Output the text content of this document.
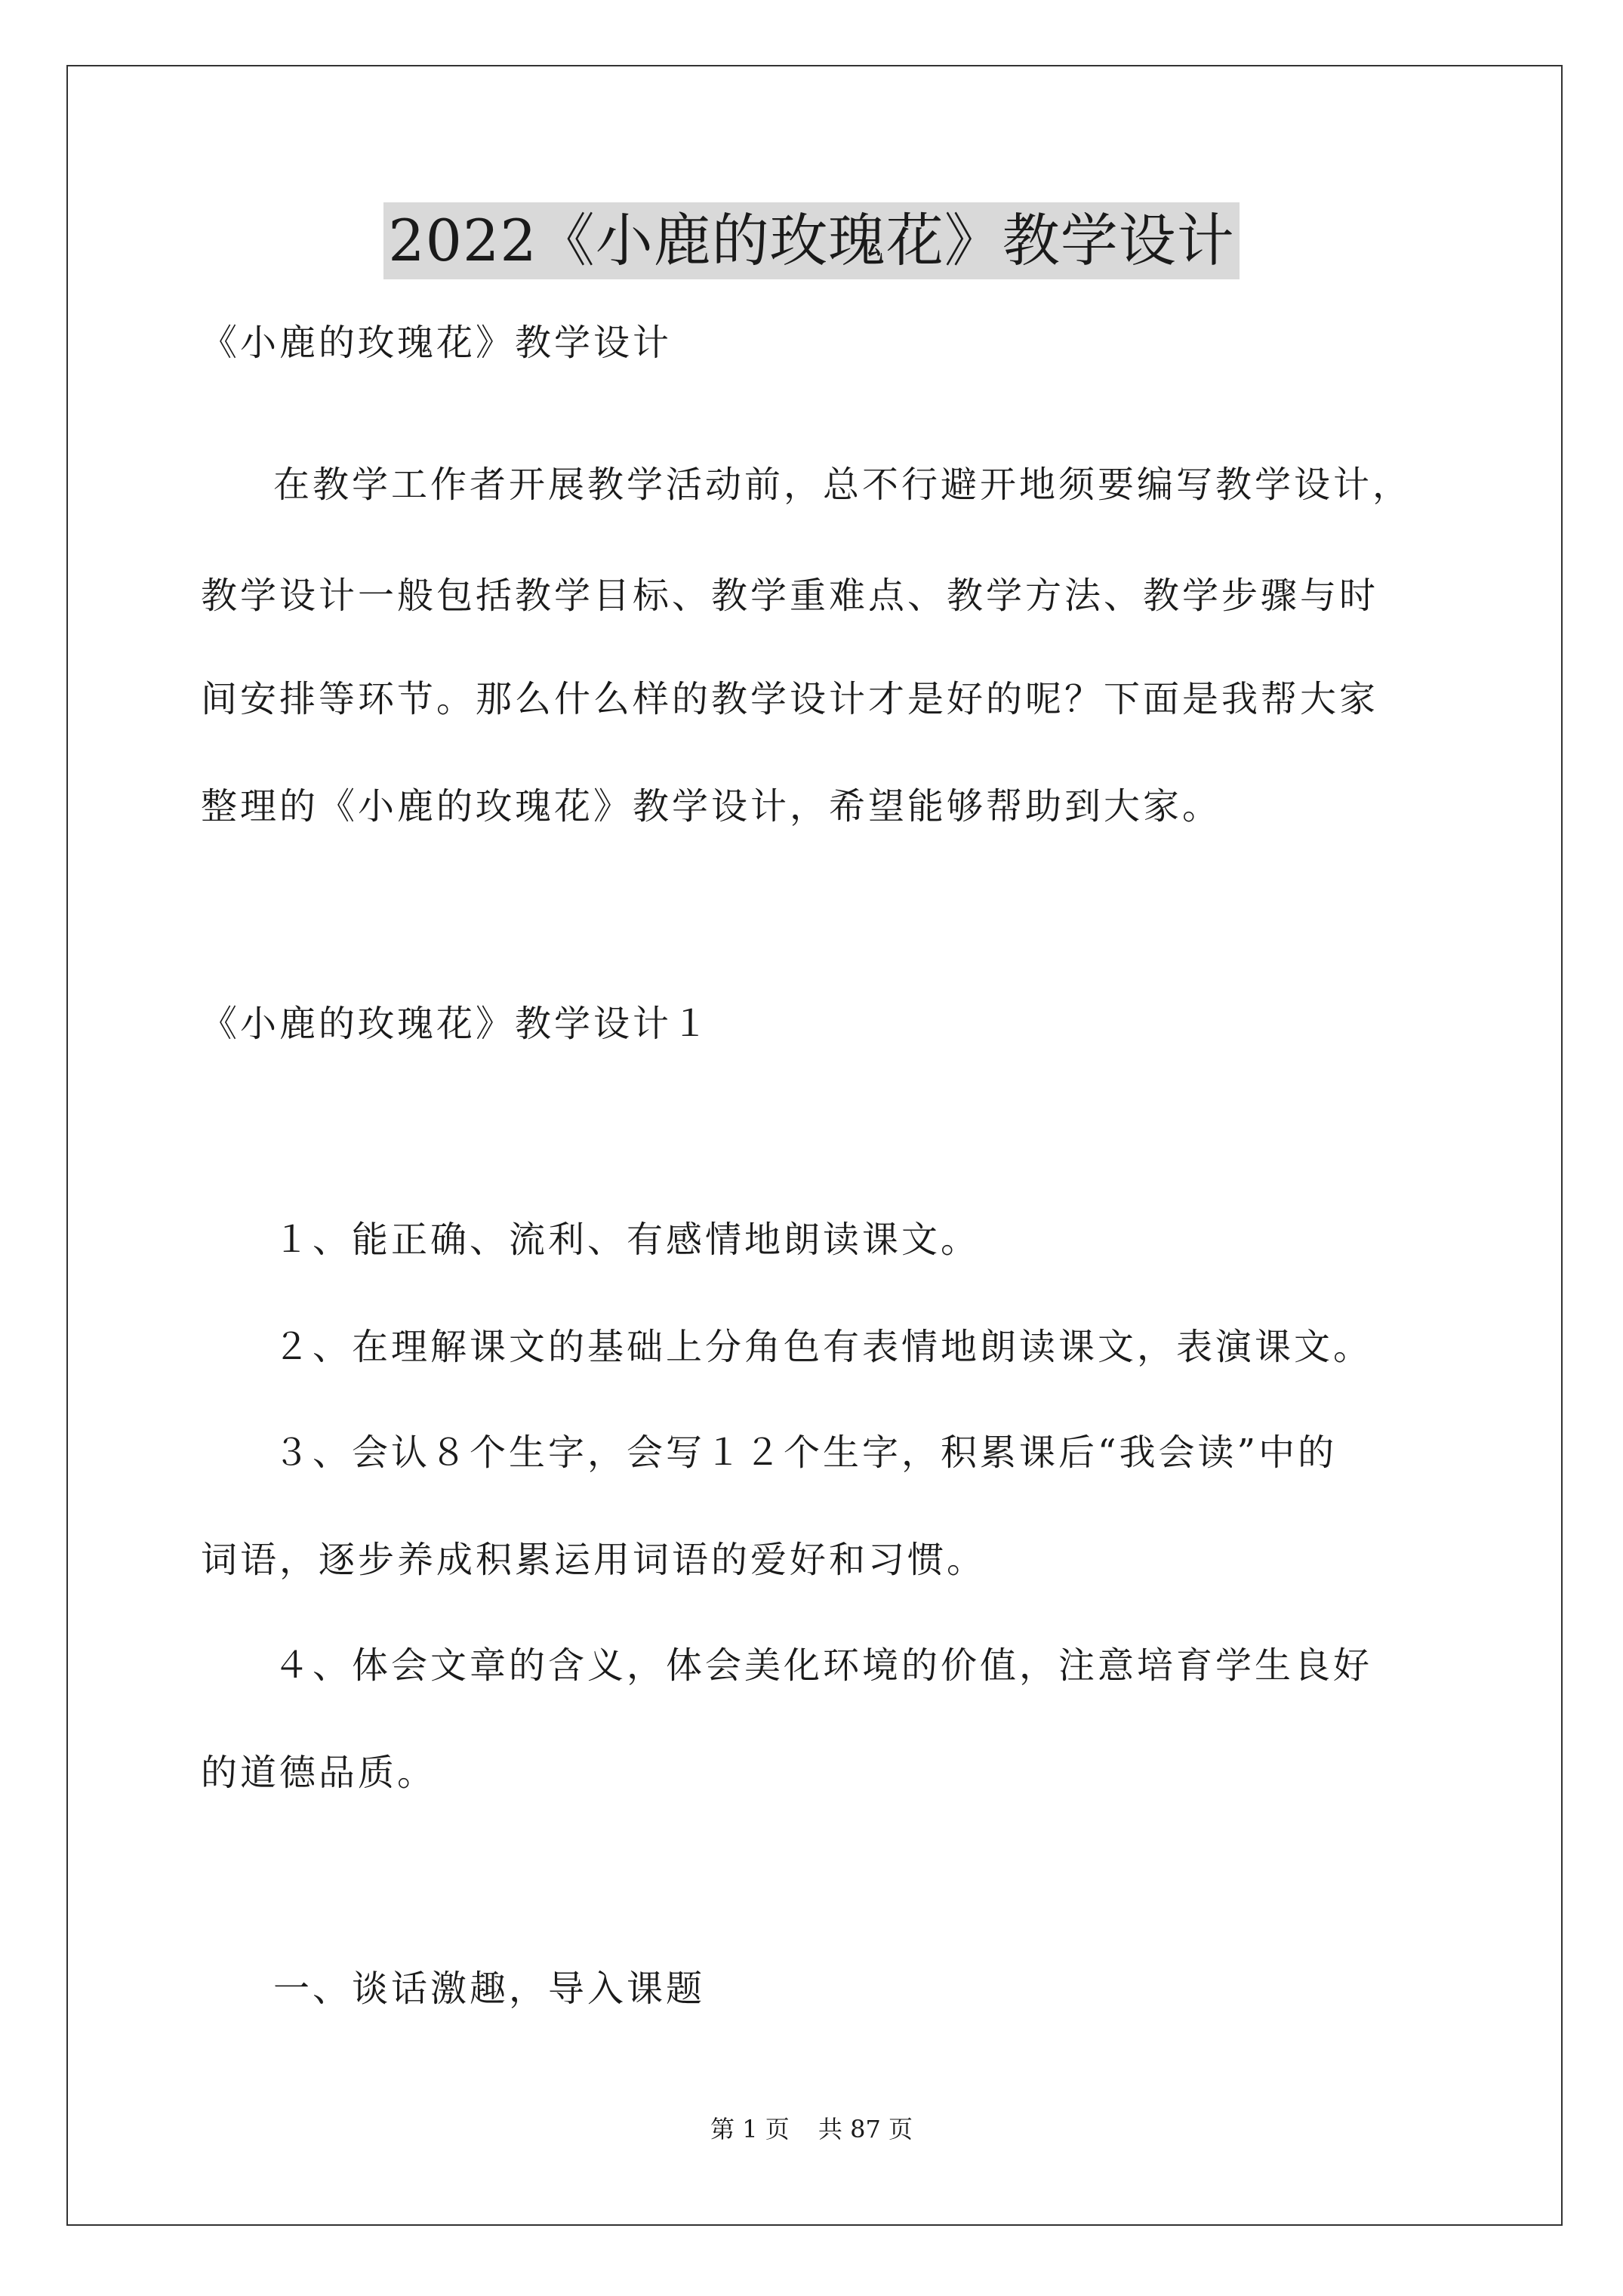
2022《小鹿的玫瑰花》教学设计
《小鹿的玫瑰花》教学设计
在教学工作者开展教学活动前，总不行避开地须要编写教学设计，
教学设计一般包括教学目标、教学重难点、教学方法、教学步骤与时
间安排等环节。那么什么样的教学设计才是好的呢？下面是我帮大家
整理的《小鹿的玫瑰花》教学设计，希望能够帮助到大家。
《小鹿的玫瑰花》教学设计１
１、能正确、流利、有感情地朗读课文。
２、在理解课文的基础上分角色有表情地朗读课文，表演课文。
３、会认８个生字，会写１２个生字，积累课后“我会读”中的
词语，逐步养成积累运用词语的爱好和习惯。
４、体会文章的含义，体会美化环境的价值，注意培育学生良好
的道德品质。
一、谈话激趣，导入课题
第 1 页 共 87 页
